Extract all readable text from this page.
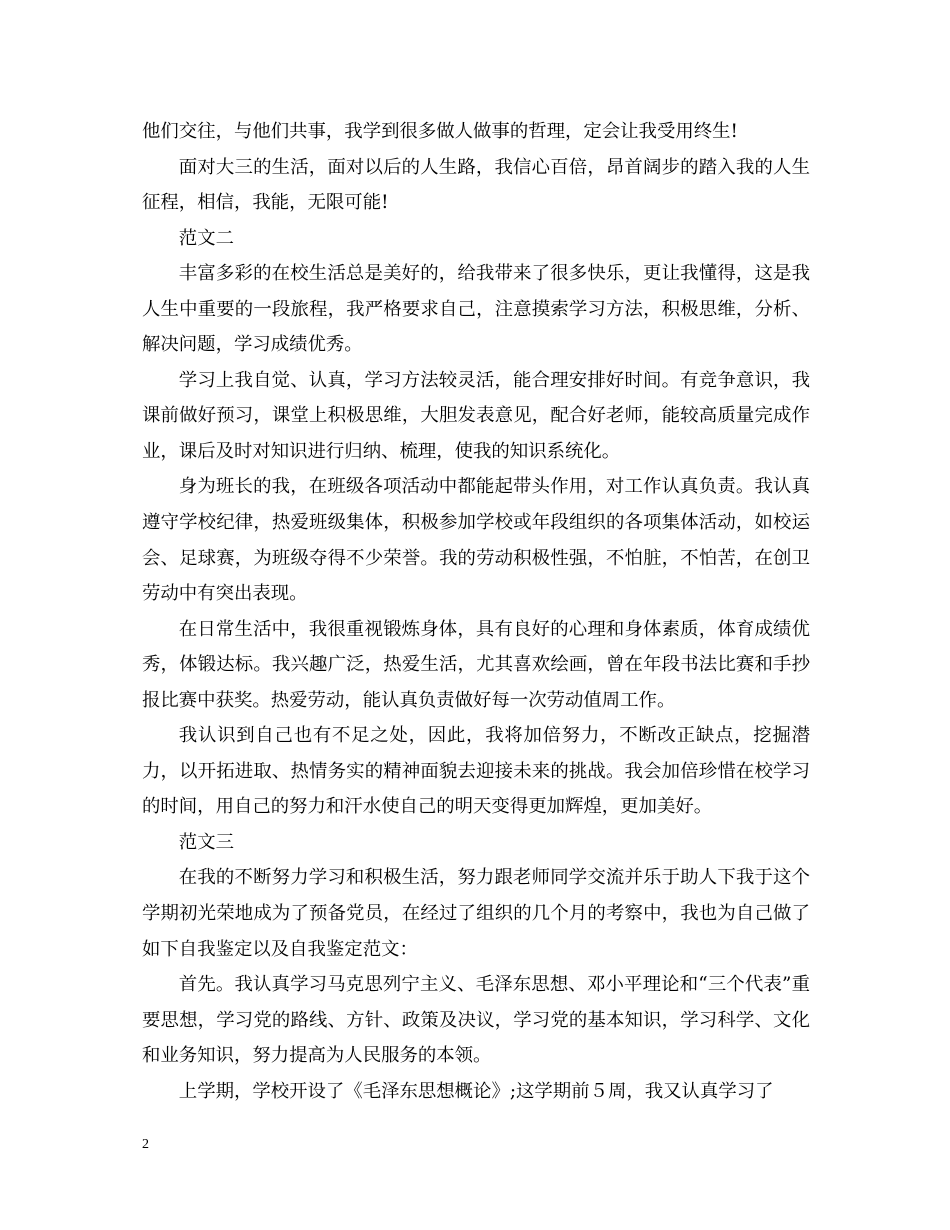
他们交往，与他们共事，我学到很多做人做事的哲理，定会让我受用终生!

面对大三的生活，面对以后的人生路，我信心百倍，昂首阔步的踏入我的人生征程，相信，我能，无限可能!

范文二

丰富多彩的在校生活总是美好的，给我带来了很多快乐，更让我懂得，这是我人生中重要的一段旅程，我严格要求自己，注意摸索学习方法，积极思维，分析、解决问题，学习成绩优秀。

学习上我自觉、认真，学习方法较灵活，能合理安排好时间。有竞争意识，我课前做好预习，课堂上积极思维，大胆发表意见，配合好老师，能较高质量完成作业，课后及时对知识进行归纳、梳理，使我的知识系统化。

身为班长的我，在班级各项活动中都能起带头作用，对工作认真负责。我认真遵守学校纪律，热爱班级集体，积极参加学校或年段组织的各项集体活动，如校运会、足球赛，为班级夺得不少荣誉。我的劳动积极性强，不怕脏，不怕苦，在创卫劳动中有突出表现。

在日常生活中，我很重视锻炼身体，具有良好的心理和身体素质，体育成绩优秀，体锻达标。我兴趣广泛，热爱生活，尤其喜欢绘画，曾在年段书法比赛和手抄报比赛中获奖。热爱劳动，能认真负责做好每一次劳动值周工作。

我认识到自己也有不足之处，因此，我将加倍努力，不断改正缺点，挖掘潜力，以开拓进取、热情务实的精神面貌去迎接未来的挑战。我会加倍珍惜在校学习的时间，用自己的努力和汗水使自己的明天变得更加辉煌，更加美好。

范文三

在我的不断努力学习和积极生活，努力跟老师同学交流并乐于助人下我于这个学期初光荣地成为了预备党员，在经过了组织的几个月的考察中，我也为自己做了如下自我鉴定以及自我鉴定范文：

首先。我认真学习马克思列宁主义、毛泽东思想、邓小平理论和“三个代表”重要思想，学习党的路线、方针、政策及决议，学习党的基本知识，学习科学、文化和业务知识，努力提高为人民服务的本领。

上学期，学校开设了《毛泽东思想概论》;这学期前５周，我又认真学习了

2
